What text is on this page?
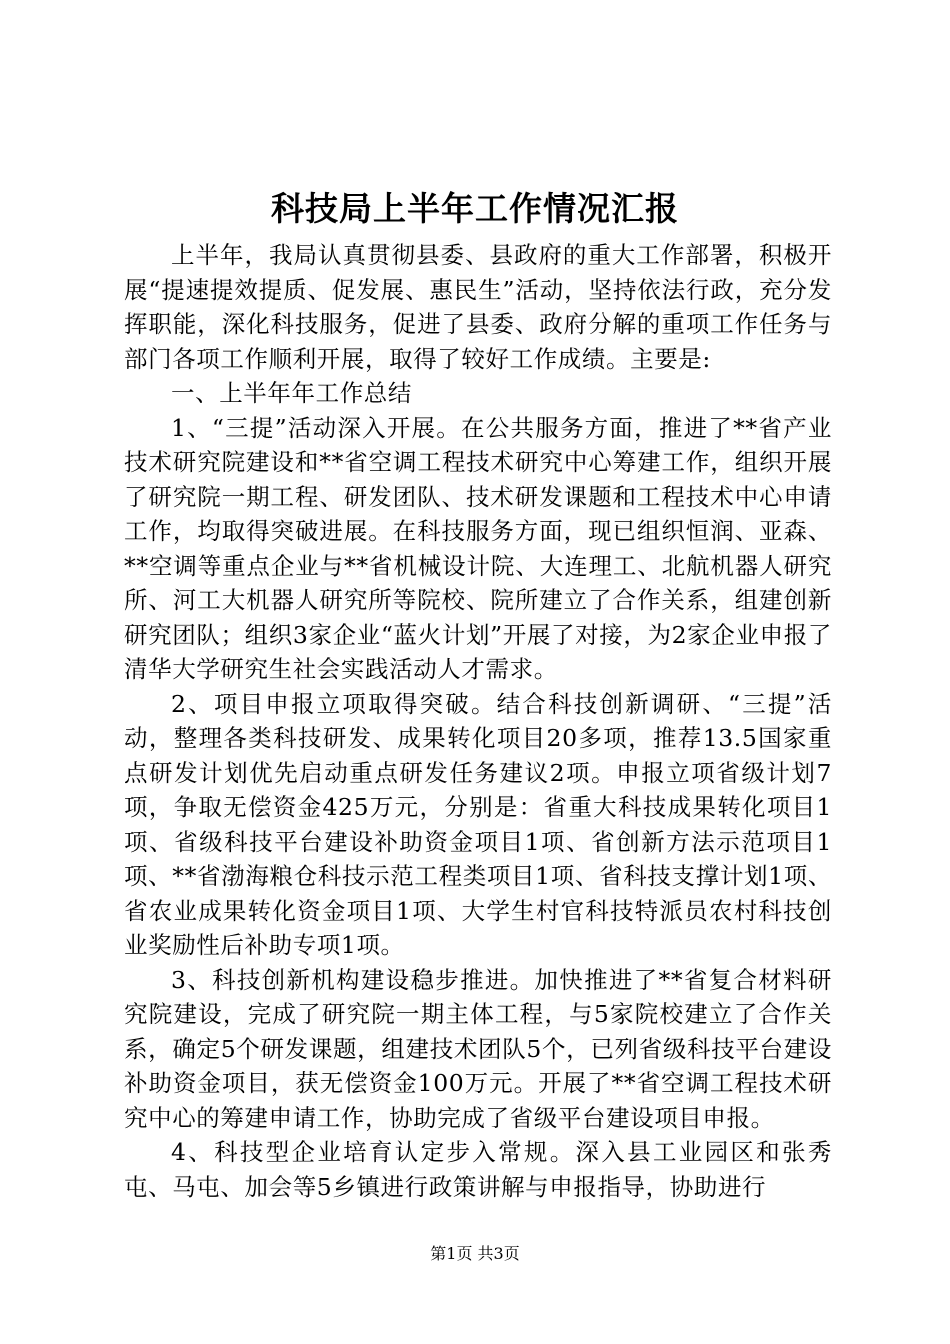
科技局上半年工作情况汇报

上半年，我局认真贯彻县委、县政府的重大工作部署，积极开展“提速提效提质、促发展、惠民生”活动，坚持依法行政，充分发挥职能，深化科技服务，促进了县委、政府分解的重项工作任务与部门各项工作顺利开展，取得了较好工作成绩。主要是:

一、上半年年工作总结

1、“三提”活动深入开展。在公共服务方面，推进了**省产业技术研究院建设和**省空调工程技术研究中心筹建工作，组织开展了研究院一期工程、研发团队、技术研发课题和工程技术中心申请工作，均取得突破进展。在科技服务方面，现已组织恒润、亚森、**空调等重点企业与**省机械设计院、大连理工、北航机器人研究所、河工大机器人研究所等院校、院所建立了合作关系，组建创新研究团队；组织3家企业“蓝火计划”开展了对接，为2家企业申报了清华大学研究生社会实践活动人才需求。

2、项目申报立项取得突破。结合科技创新调研、“三提”活动，整理各类科技研发、成果转化项目20多项，推荐13.5国家重点研发计划优先启动重点研发任务建议2项。申报立项省级计划7项，争取无偿资金425万元，分别是：省重大科技成果转化项目1项、省级科技平台建设补助资金项目1项、省创新方法示范项目1项、**省渤海粮仓科技示范工程类项目1项、省科技支撑计划1项、省农业成果转化资金项目1项、大学生村官科技特派员农村科技创业奖励性后补助专项1项。

3、科技创新机构建设稳步推进。加快推进了**省复合材料研究院建设，完成了研究院一期主体工程，与5家院校建立了合作关系，确定5个研发课题，组建技术团队5个，已列省级科技平台建设补助资金项目，获无偿资金100万元。开展了**省空调工程技术研究中心的筹建申请工作，协助完成了省级平台建设项目申报。

4、科技型企业培育认定步入常规。深入县工业园区和张秀屯、马屯、加会等5乡镇进行政策讲解与申报指导，协助进行

第1页 共3页
